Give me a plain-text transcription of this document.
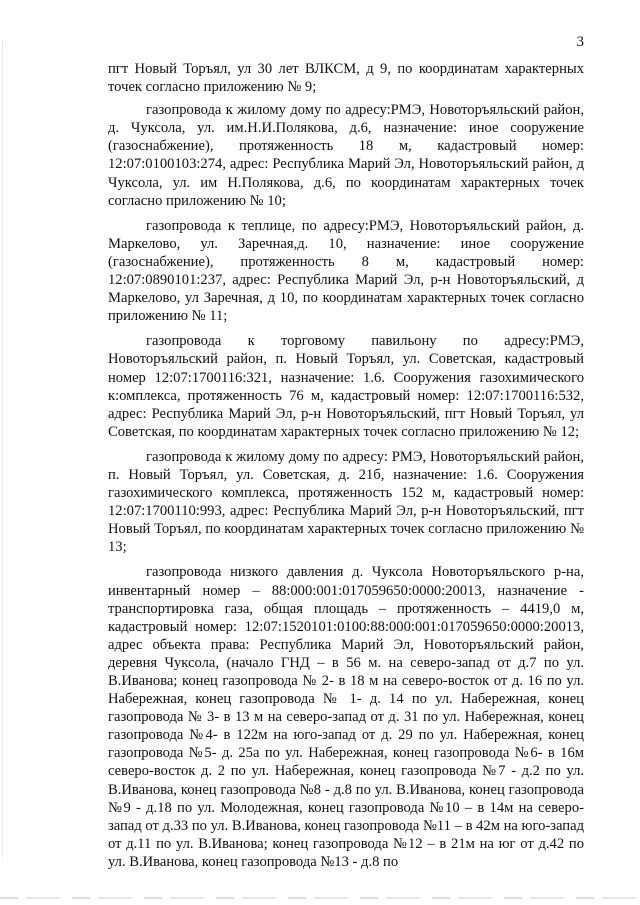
3

пгт Новый Торъял, ул 30 лет ВЛКСМ, д 9, по координатам характерных точек согласно приложению № 9;

газопровода к жилому дому по адресу:РМЭ, Новоторъяльский район, д. Чуксола, ул. им.Н.И.Полякова, д.6, назначение: иное сооружение (газоснабжение), протяженность 18 м, кадастровый номер: 12:07:0100103:274, адрес: Республика Марий Эл, Новоторъяльский район, д Чуксола, ул. им Н.Полякова, д.6, по координатам характерных точек согласно приложению № 10;

газопровода к теплице, по адресу:РМЭ, Новоторъяльский район, д. Маркелово, ул. Заречная,д. 10, назначение: иное сооружение (газоснабжение), протяженность 8 м, кадастровый номер: 12:07:0890101:237, адрес: Республика Марий Эл, р-н Новоторъяльский, д Маркелово, ул Заречная, д 10, по координатам характерных точек согласно приложению № 11;

газопровода к торговому павильону по адресу:РМЭ, Новоторъяльский район, п. Новый Торъял, ул. Советская, кадастровый номер 12:07:1700116:321, назначение: 1.6. Сооружения газохимического к:омплекса, протяженность 76 м, кадастровый номер: 12:07:1700116:532, адрес: Республика Марий Эл, р-н Новоторъяльский, пгт Новый Торъял, ул Советская, по координатам характерных точек согласно приложению № 12;

газопровода к жилому дому по адресу: РМЭ, Новоторъяльский район, п. Новый Торъял, ул. Советская, д. 21б, назначение: 1.6. Сооружения газохимического комплекса, протяженность 152 м, кадастровый номер: 12:07:1700110:993, адрес: Республика Марий Эл, р-н Новоторъяльский, пгт Новый Торъял, по координатам характерных точек согласно приложению № 13;

газопровода низкого давления д. Чуксола Новоторъяльского р-на, инвентарный номер – 88:000:001:017059650:0000:20013, назначение - транспортировка газа, общая площадь – протяженность – 4419,0 м, кадастровый номер: 12:07:1520101:0100:88:000:001:017059650:0000:20013, адрес объекта права: Республика Марий Эл, Новоторъяльский район, деревня Чуксола, (начало ГНД – в 56 м. на северо-запад от д.7 по ул. В.Иванова; конец газопровода № 2- в 18 м на северо-восток от д. 16 по ул. Набережная, конец газопровода № 1- д. 14 по ул. Набережная, конец газопровода № 3- в 13 м на северо-запад от д. 31 по ул. Набережная, конец газопровода №4- в 122м на юго-запад от д. 29 по ул. Набережная, конец газопровода №5- д. 25а по ул. Набережная, конец газопровода №6- в 16м северо-восток д. 2 по ул. Набережная, конец газопровода №7 - д.2 по ул. В.Иванова, конец газопровода №8 - д.8 по ул. В.Иванова, конец газопровода №9 - д.18 по ул. Молодежная, конец газопровода №10 – в 14м на северо-запад от д.33 по ул. В.Иванова, конец газопровода №11 – в 42м на юго-запад от д.11 по ул. В.Иванова; конец газопровода №12 – в 21м на юг от д.42 по ул. В.Иванова, конец газопровода №13 - д.8 по
